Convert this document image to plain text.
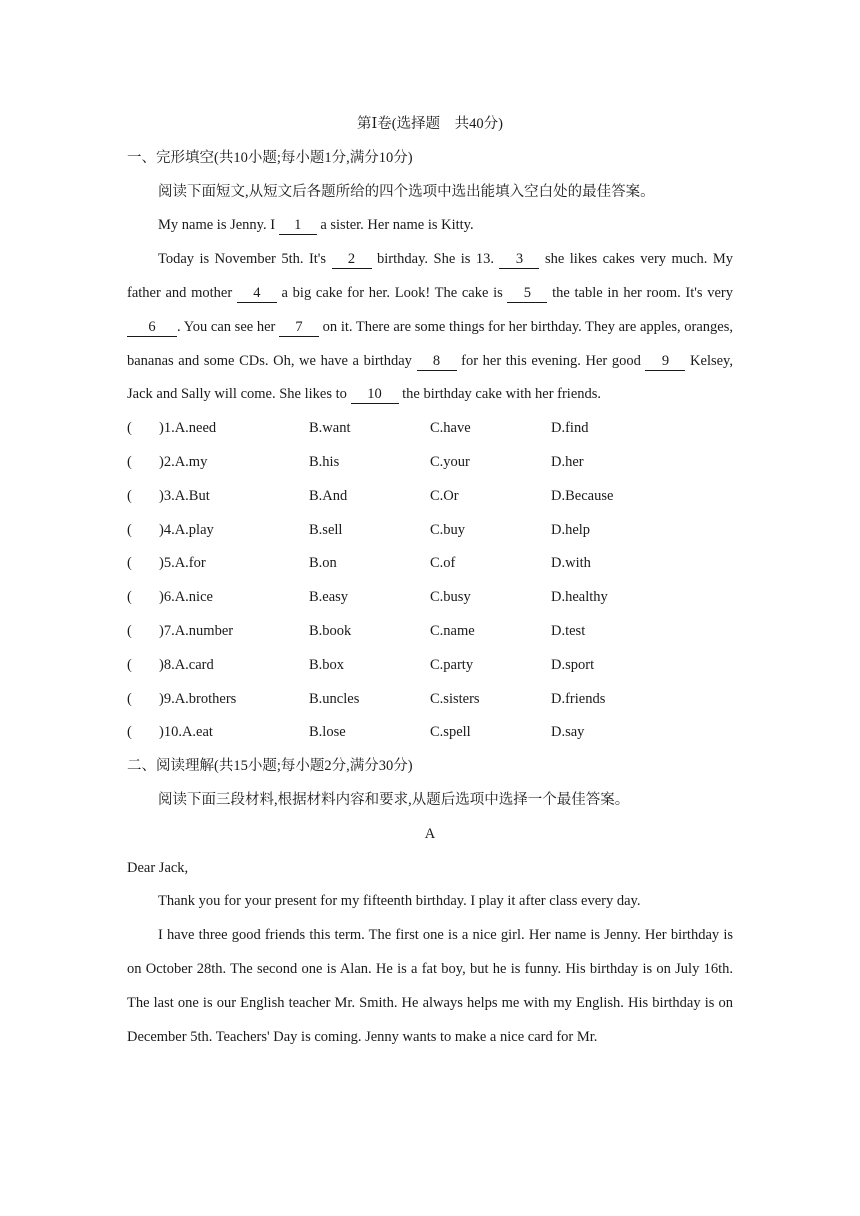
第Ⅰ卷(选择题　共40分)

一、完形填空(共10小题;每小题1分,满分10分)

阅读下面短文,从短文后各题所给的四个选项中选出能填入空白处的最佳答案。

My name is Jenny. I 1 a sister. Her name is Kitty.

Today is November 5th. It's 2 birthday. She is 13. 3 she likes cakes very much. My father and mother 4 a big cake for her. Look! The cake is 5 the table in her room. It's very 6 . You can see her 7 on it. There are some things for her birthday. They are apples, oranges, bananas and some CDs. Oh, we have a birthday 8 for her this evening. Her good 9 Kelsey, Jack and Sally will come. She likes to 10 the birthday cake with her friends.

(	)1.A.need	B.want	C.have	D.find
(	)2.A.my	B.his	C.your	D.her
(	)3.A.But	B.And	C.Or	D.Because
(	)4.A.play	B.sell	C.buy	D.help
(	)5.A.for	B.on	C.of	D.with
(	)6.A.nice	B.easy	C.busy	D.healthy
(	)7.A.number	B.book	C.name	D.test
(	)8.A.card	B.box	C.party	D.sport
(	)9.A.brothers	B.uncles	C.sisters	D.friends
(	)10.A.eat	B.lose	C.spell	D.say

二、阅读理解(共15小题;每小题2分,满分30分)

阅读下面三段材料,根据材料内容和要求,从题后选项中选择一个最佳答案。

A

Dear Jack,

Thank you for your present for my fifteenth birthday. I play it after class every day.

I have three good friends this term. The first one is a nice girl. Her name is Jenny. Her birthday is on October 28th. The second one is Alan. He is a fat boy, but he is funny. His birthday is on July 16th. The last one is our English teacher Mr. Smith. He always helps me with my English. His birthday is on December 5th. Teachers' Day is coming. Jenny wants to make a nice card for Mr.
